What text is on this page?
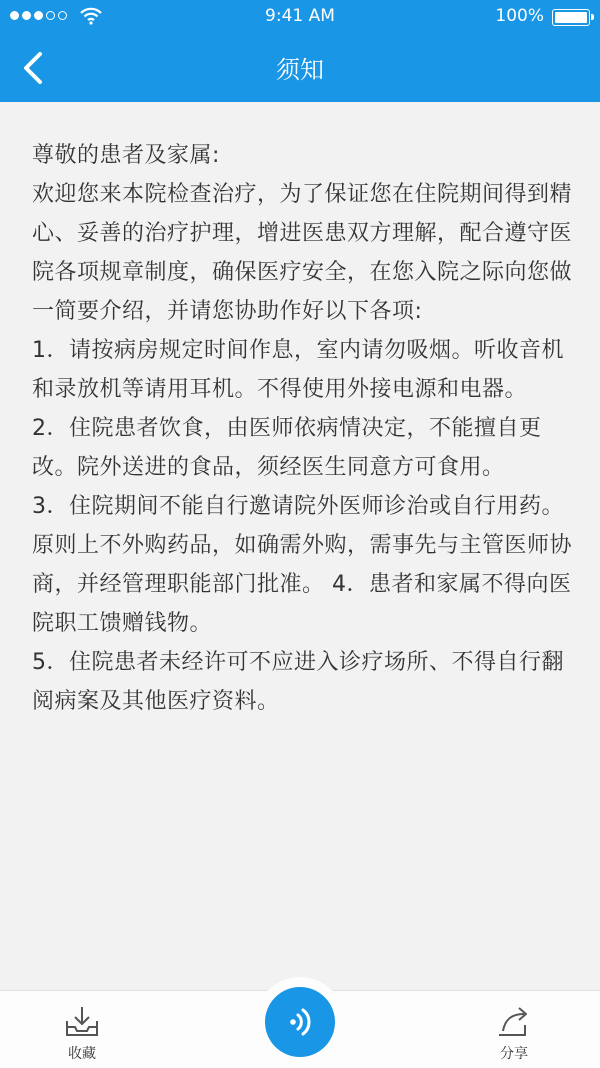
9:41 AM	100%
须知

尊敬的患者及家属:

欢迎您来本院检查治疗，为了保证您在住院期间得到精心、妥善的治疗护理，增进医患双方理解，配合遵守医院各项规章制度，确保医疗安全，在您入院之际向您做一简要介绍，并请您协助作好以下各项:

1．请按病房规定时间作息，室内请勿吸烟。听收音机和录放机等请用耳机。不得使用外接电源和电器。

2．住院患者饮食，由医师依病情决定，不能擅自更改。院外送进的食品，须经医生同意方可食用。

3．住院期间不能自行邀请院外医师诊治或自行用药。原则上不外购药品，如确需外购，需事先与主管医师协商，并经管理职能部门批准。 4．患者和家属不得向医院职工馈赠钱物。

5．住院患者未经许可不应进入诊疗场所、不得自行翻阅病案及其他医疗资料。

收藏	分享
